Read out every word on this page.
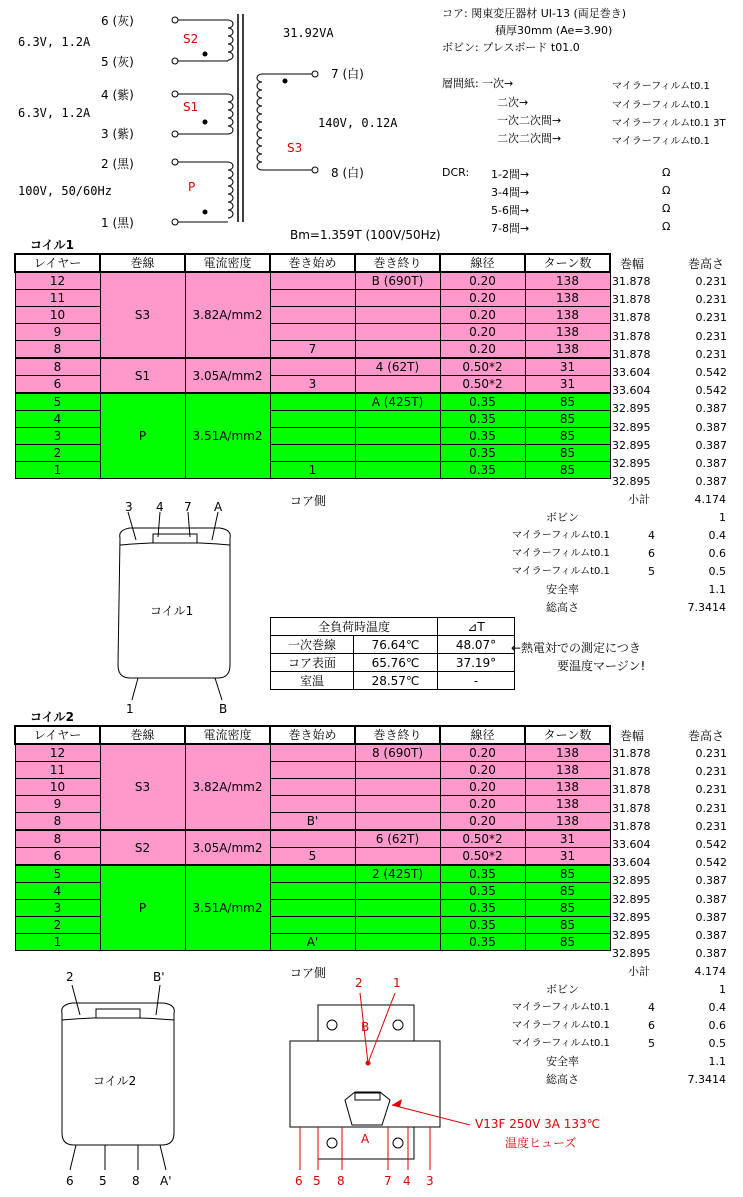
6 (灰)
5 (灰)
4 (紫)
3 (紫)
2 (黒)
1 (黒)
6.3V, 1.2A
6.3V, 1.2A
100V, 50/60Hz
S2
S1
P
S3
31.92VA
7 (白)
140V, 0.12A
8 (白)
Bm=1.359T (100V/50Hz)
コア: 関東変圧器材 UI-13 (両足巻き)
積厚30mm (Ae=3.90)
ボビン: プレスボード t01.0
層間紙: 一次→	マイラーフィルムt0.1
二次→	マイラーフィルムt0.1
一次二次間→	マイラーフィルムt0.1 3T
二次二次間→	マイラーフィルムt0.1
DCR: 1-2間→	Ω
3-4間→	Ω
5-6間→	Ω
7-8間→	Ω
コイル1
レイヤー	巻線	電流密度	巻き始め	巻き終り	線径	ターン数
12	S3	3.82A/mm2		B (690T)	0.20	138
11					0.20	138
10					0.20	138
9					0.20	138
8			7		0.20	138
8	S1	3.05A/mm2		4 (62T)	0.50*2	31
6			3		0.50*2	31
5	P	3.51A/mm2		A (425T)	0.35	85
4					0.35	85
3					0.35	85
2					0.35	85
1			1		0.35	85
巻幅	巻高さ
31.878	0.231
31.878	0.231
31.878	0.231
31.878	0.231
31.878	0.231
33.604	0.542
33.604	0.542
32.895	0.387
32.895	0.387
32.895	0.387
32.895	0.387
32.895	0.387
コア側	小計	4.174
ボビン	1
マイラーフィルムt0.1	4	0.4
マイラーフィルムt0.1	6	0.6
マイラーフィルムt0.1	5	0.5
安全率	1.1
総高さ	7.3414
3 4 7 A
コイル1
1	B
全負荷時温度		⊿T
一次巻線	76.64℃	48.07°
コア表面	65.76℃	37.19°
室温	28.57℃	-
←熱電対での測定につき
要温度マージン!
コイル2
レイヤー	巻線	電流密度	巻き始め	巻き終り	線径	ターン数
12	S3	3.82A/mm2		8 (690T)	0.20	138
11					0.20	138
10					0.20	138
9					0.20	138
8			B'		0.20	138
8	S2	3.05A/mm2		6 (62T)	0.50*2	31
6			5		0.50*2	31
5	P	3.51A/mm2		2 (425T)	0.35	85
4					0.35	85
3					0.35	85
2					0.35	85
1			A'		0.35	85
巻幅	巻高さ
31.878	0.231
31.878	0.231
31.878	0.231
31.878	0.231
31.878	0.231
33.604	0.542
33.604	0.542
32.895	0.387
32.895	0.387
32.895	0.387
32.895	0.387
32.895	0.387
コア側	小計	4.174
ボビン	1
マイラーフィルムt0.1	4	0.4
マイラーフィルムt0.1	6	0.6
マイラーフィルムt0.1	5	0.5
安全率	1.1
総高さ	7.3414
2	B'
コイル2
6 5 8 A'
2	1
B
A
6 5 8	7 4 3
V13F 250V 3A 133℃
温度ヒューズ
